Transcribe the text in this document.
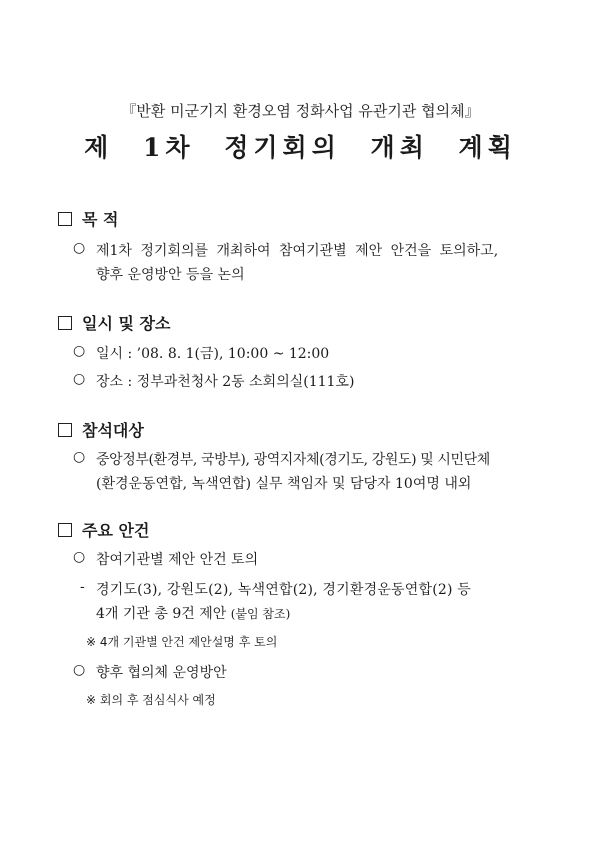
『반환 미군기지 환경오염 정화사업 유관기관 협의체』
제 1차 정기회의 개최 계획
목 적
○ 제1차 정기회의를 개최하여 참여기관별 제안 안건을 토의하고,
향후 운영방안 등을 논의
일시 및 장소
○ 일시 : ’08. 8. 1(금), 10:00 ~ 12:00
○ 장소 : 정부과천청사 2동 소회의실(111호)
참석대상
○ 중앙정부(환경부, 국방부), 광역지자체(경기도, 강원도) 및 시민단체
(환경운동연합, 녹색연합) 실무 책임자 및 담당자 10여명 내외
주요 안건
○ 참여기관별 제안 안건 토의
- 경기도(3), 강원도(2), 녹색연합(2), 경기환경운동연합(2) 등
4개 기관 총 9건 제안 (붙임 참조)
※ 4개 기관별 안건 제안설명 후 토의
○ 향후 협의체 운영방안
※ 회의 후 점심식사 예정
